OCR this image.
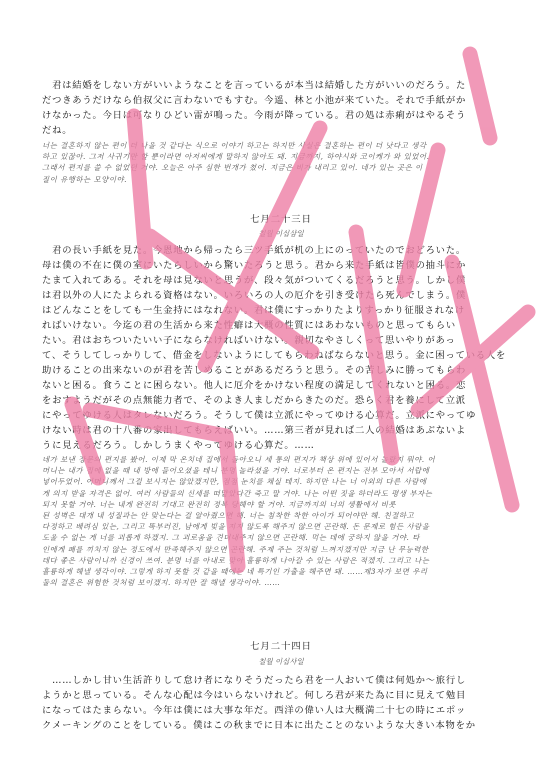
　君は結婚をしない方がいいようなことを言っているが本当は結婚した方がいいのだろう。た
だつきあうだけなら伯叔父に言わないでもすむ。今遥、林と小池が来ていた。それで手紙がか
けなかった。今日は可なりひどい雷が鳴った。今雨が降っている。君の処は赤痢がはやるそう
だね。
너는 결혼하지 않는 편이 더 나을 것 같다는 식으로 이야기 하고는 하지만 사실은 결혼하는 편이 더 낫다고 생각
하고 있잖아. 그저 사귀기만 할 뿐이라면 아저씨에게 말하지 않아도 돼. 지금까지, 하야시와 코이케가 와 있었어.
그래서 편지를 쓸 수 없었던 거야. 오늘은 아주 심한 번개가 쳤어. 지금은 비가 내리고 있어. 네가 있는 곳은 이
질이 유행하는 모양이야.
七月二十三日
칠월 이십삼일
　君の長い手紙を見た。今恩地から帰ったら三ツ手紙が机の上にのっていたのでおどろいた。
母は僕の不在に僕の室にいたらしいから驚いたろうと思う。君から来た手紙は皆僕の抽斗にか
たまて入れてある。それを母は見ないと思うが、段々気がついてくるだろうと思う。しかし僕
は君以外の人にたよられる資格はない。いろいろの人の厄介を引き受けたら死んでしまう。僕
はどんなことをしても一生金持にはなれない。君は僕にすっかりたよりすっかり征服されなけ
ればいけない。今迄の君の生活から来た性癖は大概の性質にはあわないものと思ってもらい
たい。君はおちついたいい子にならなければいけない。親切なやさしくって思いやりがあっ
て、そうしてしっかりして、借金をしないようにしてもらわねばならないと思う。金に困っている人を
助けることの出来ないのが君を苦しめることがあるだろうと思う。その苦しみに勝ってもらわ
ないと困る。食うことに困らない。他人に厄介をかけない程度の満足してくれないと困る。恋
をおすようだがその点無能力者で、そのよき人ましだからきたのだ。恐らく君を養にして立派
にやってゆける人はタレないだろう。そうして僕は立派にやってゆける心算だ。立派にやってゆ
けない時は君の十八番の家出してもらえばいい。……第三者が見れば二人の結婚はあぶないよ
うに見えるだろう。しかしうまくやってゆける心算だ。……
네가 보낸 장문의 편지를 봤어. 이제 막 온치네 집에서 돌아오니 세 통의 편지가 책상 위에 있어서 놀랐지 뭐야. 어
머니는 내가 집에 없을 때 내 방에 들어오셨을 테니 분명 놀라셨을 거야. 너로부터 온 편지는 전부 모아서 서랍에
넣어두었어. 어머니께서 그걸 보시지는 않았겠지만, 점점 눈치를 채실 테지. 하지만 나는 너 이외의 다른 사람에
게 의지 받을 자격은 없어. 여러 사람들의 신세를 떠맡았다간 죽고 말 거야. 나는 어떤 짓을 하더라도 평생 부자는
되지 못할 거야. 너는 내게 완전히 기대고 완전히 정복 당해야 할 거야. 지금까지의 너의 생활에서 비롯
된 성벽은 대개 내 성질과는 안 맞는다는 걸 알아줬으면 해. 너는 침착한 착한 아이가 되어야만 해. 친절하고
다정하고 배려심 있는, 그리고 똑부러진, 남에게 빚을 지지 않도록 해주지 않으면 곤란해. 돈 문제로 힘든 사람을
도울 수 없는 게 너를 괴롭게 하겠지. 그 괴로움을 견뎌내주지 않으면 곤란해. 먹는 데에 궁하지 않을 거야. 타
인에게 폐를 끼치지 않는 정도에서 만족해주지 않으면 곤란해. 주제 주는 것처럼 느껴지겠지만 지금 난 무능력한
데다 좋은 사람이니까 신경이 쓰여. 분명 너를 아내로 맞아 훌륭하게 나아갈 수 있는 사람은 적겠지. 그리고 나는
훌륭하게 해낼 생각이야. 그렇게 하지 못할 것 같을 때에는 네 특기인 가출을 해주면 돼. ……제3자가 보면 우리
둘의 결혼은 위험한 것처럼 보이겠지. 하지만 잘 해낼 생각이야. ……
七月二十四日
칠월 이십사일
　……しかし甘い生活許りして怠け者になりそうだったら君を一人おいて僕は何処か～旅行し
ようかと思っている。そんな心配は今はいらないけれど。何しろ君が来た為に目に見えて勉目
になってはたまらない。今年は僕には大事な年だ。西洋の偉い人は大概満二十七の時にエポッ
クメーキングのことをしている。僕はこの秋までに日本に出たことのないような大きい本物をか
